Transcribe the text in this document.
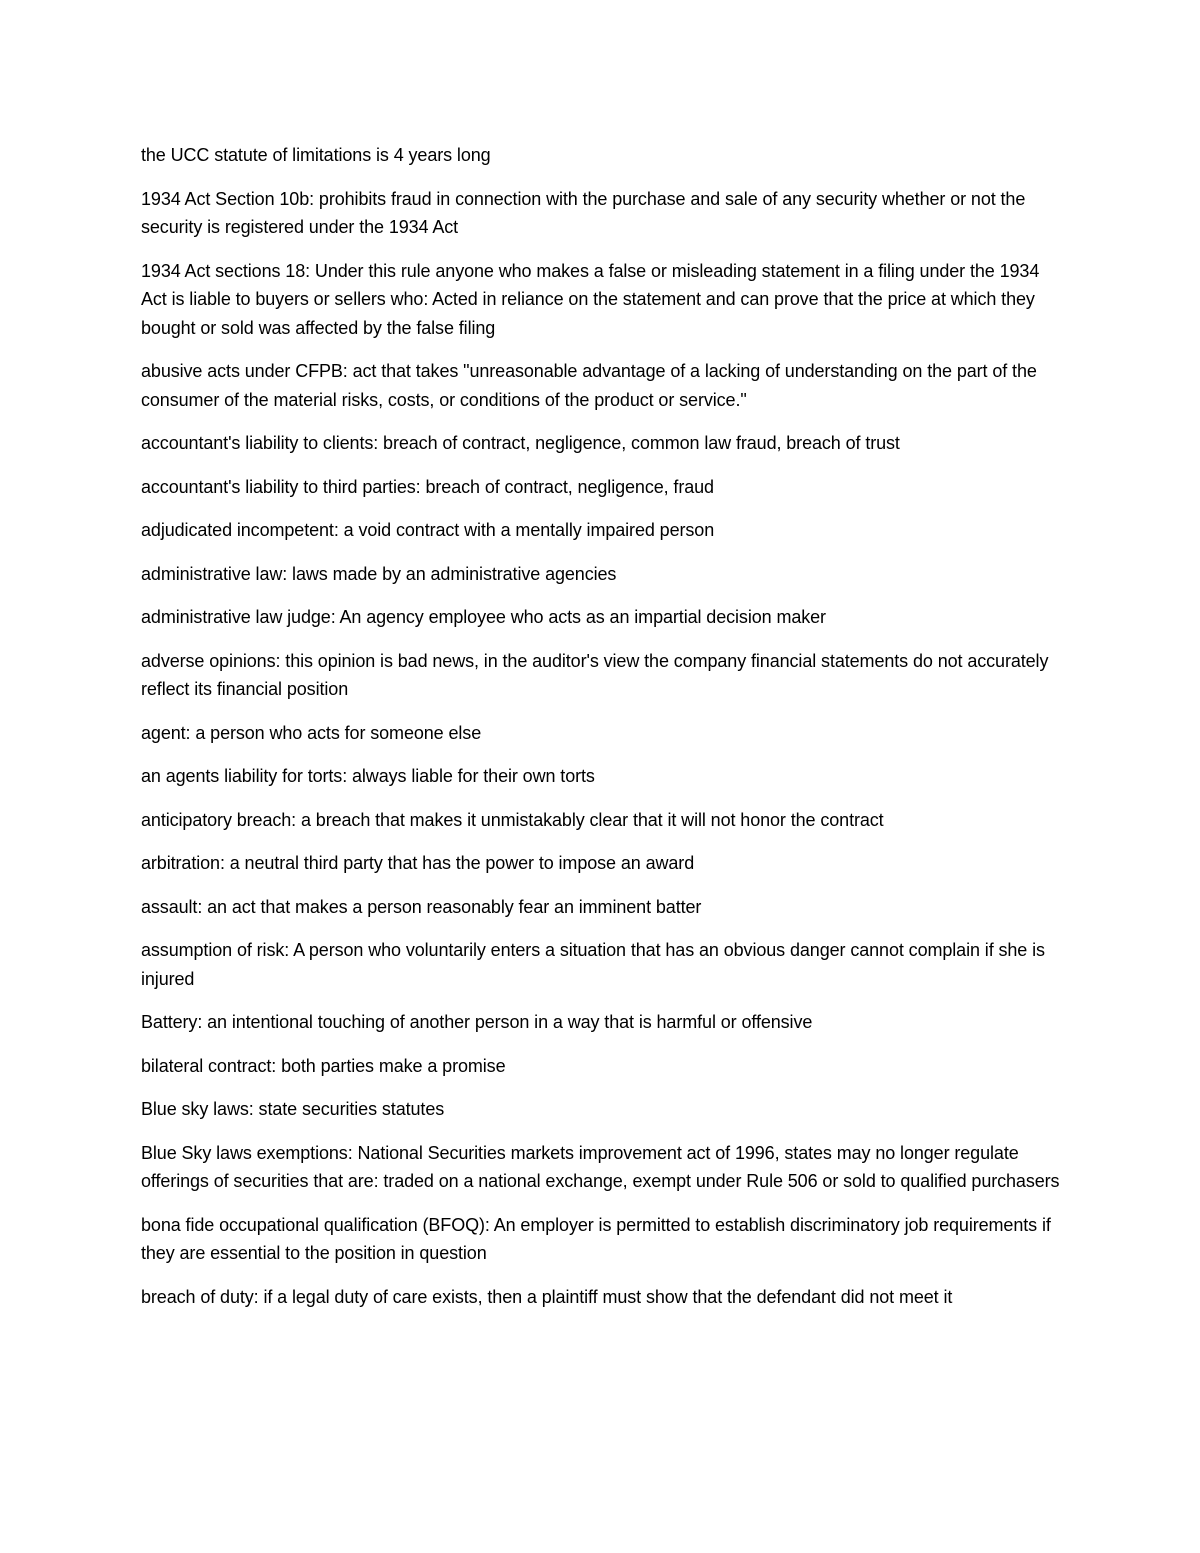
the UCC statute of limitations is 4 years long

1934 Act Section 10b: prohibits fraud in connection with the purchase and sale of any security whether or not the security is registered under the 1934 Act

1934 Act sections 18: Under this rule anyone who makes a false or misleading statement in a filing under the 1934 Act is liable to buyers or sellers who: Acted in reliance on the statement and can prove that the price at which they bought or sold was affected by the false filing

abusive acts under CFPB: act that takes "unreasonable advantage of a lacking of understanding on the part of the consumer of the material risks, costs, or conditions of the product or service."

accountant's liability to clients: breach of contract, negligence, common law fraud, breach of trust

accountant's liability to third parties: breach of contract, negligence, fraud

adjudicated incompetent: a void contract with a mentally impaired person

administrative law: laws made by an administrative agencies

administrative law judge: An agency employee who acts as an impartial decision maker

adverse opinions: this opinion is bad news, in the auditor's view the company financial statements do not accurately reflect its financial position

agent: a person who acts for someone else

an agents liability for torts: always liable for their own torts

anticipatory breach: a breach that makes it unmistakably clear that it will not honor the contract

arbitration: a neutral third party that has the power to impose an award

assault: an act that makes a person reasonably fear an imminent batter

assumption of risk: A person who voluntarily enters a situation that has an obvious danger cannot complain if she is injured

Battery: an intentional touching of another person in a way that is harmful or offensive

bilateral contract: both parties make a promise

Blue sky laws: state securities statutes

Blue Sky laws exemptions: National Securities markets improvement act of 1996, states may no longer regulate offerings of securities that are: traded on a national exchange, exempt under Rule 506 or sold to qualified purchasers

bona fide occupational qualification (BFOQ): An employer is permitted to establish discriminatory job requirements if they are essential to the position in question

breach of duty: if a legal duty of care exists, then a plaintiff must show that the defendant did not meet it
